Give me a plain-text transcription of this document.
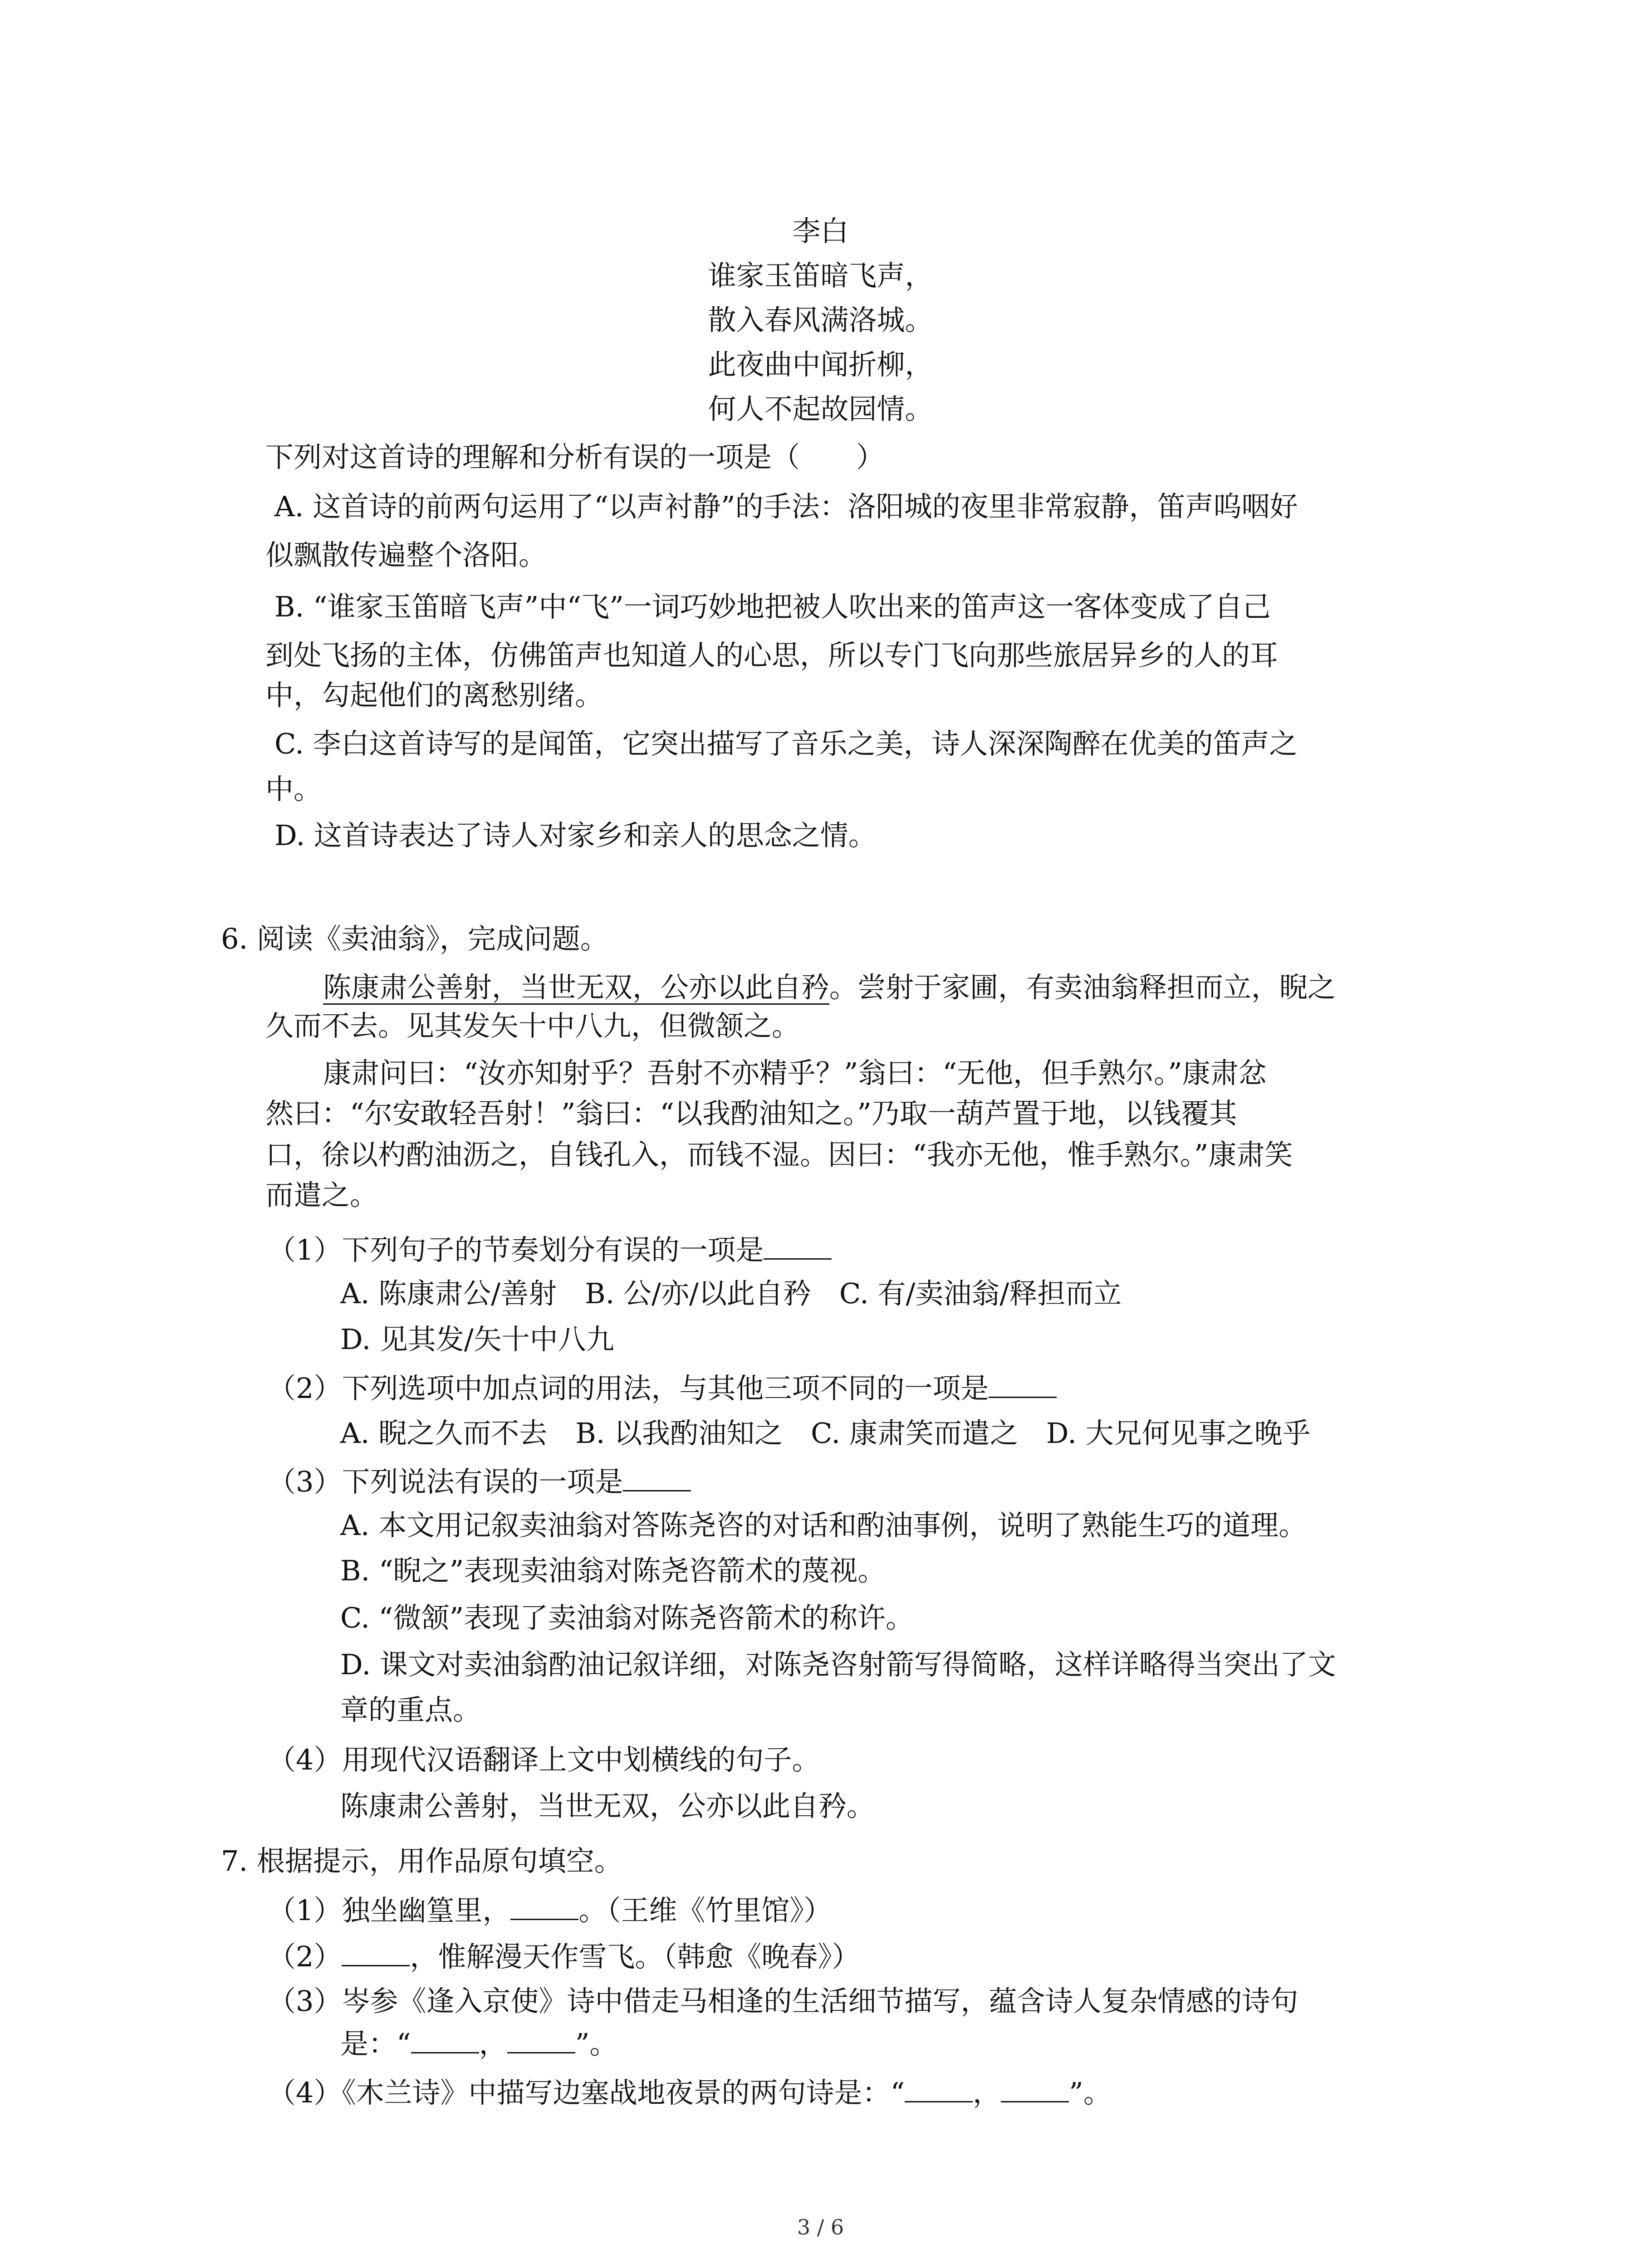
李白
谁家玉笛暗飞声，
散入春风满洛城。
此夜曲中闻折柳，
何人不起故园情。
下列对这首诗的理解和分析有误的一项是（　　）
A. 这首诗的前两句运用了“以声衬静”的手法：洛阳城的夜里非常寂静，笛声呜咽好
似飘散传遍整个洛阳。
B. “谁家玉笛暗飞声”中“飞”一词巧妙地把被人吹出来的笛声这一客体变成了自己
到处飞扬的主体，仿佛笛声也知道人的心思，所以专门飞向那些旅居异乡的人的耳
中，勾起他们的离愁别绪。
C. 李白这首诗写的是闻笛，它突出描写了音乐之美，诗人深深陶醉在优美的笛声之
中。
D. 这首诗表达了诗人对家乡和亲人的思念之情。
6. 阅读《卖油翁》，完成问题。
陈康肃公善射，当世无双，公亦以此自矜。尝射于家圃，有卖油翁释担而立，睨之
久而不去。见其发矢十中八九，但微颔之。
康肃问曰：“汝亦知射乎？吾射不亦精乎？”翁曰：“无他，但手熟尔。”康肃忿
然曰：“尔安敢轻吾射！”翁曰：“以我酌油知之。”乃取一葫芦置于地，以钱覆其
口，徐以杓酌油沥之，自钱孔入，而钱不湿。因曰：“我亦无他，惟手熟尔。”康肃笑
而遣之。
（1）下列句子的节奏划分有误的一项是
A. 陈康肃公/善射　B. 公/亦/以此自矜　C. 有/卖油翁/释担而立
D. 见其发/矢十中八九
（2）下列选项中加点词的用法，与其他三项不同的一项是
A. 睨之久而不去　B. 以我酌油知之　C. 康肃笑而遣之　D. 大兄何见事之晚乎
（3）下列说法有误的一项是
A. 本文用记叙卖油翁对答陈尧咨的对话和酌油事例，说明了熟能生巧的道理。
B. “睨之”表现卖油翁对陈尧咨箭术的蔑视。
C. “微颔”表现了卖油翁对陈尧咨箭术的称许。
D. 课文对卖油翁酌油记叙详细，对陈尧咨射箭写得简略，这样详略得当突出了文
章的重点。
（4）用现代汉语翻译上文中划横线的句子。
陈康肃公善射，当世无双，公亦以此自矜。
7. 根据提示，用作品原句填空。
（1）独坐幽篁里， 。（王维《竹里馆》）
（2） ，惟解漫天作雪飞。（韩愈《晚春》）
（3）岑参《逢入京使》诗中借走马相逢的生活细节描写，蕴含诗人复杂情感的诗句
是：“ ， ”。
（4）《木兰诗》中描写边塞战地夜景的两句诗是：“ ， ”。
3 / 6
